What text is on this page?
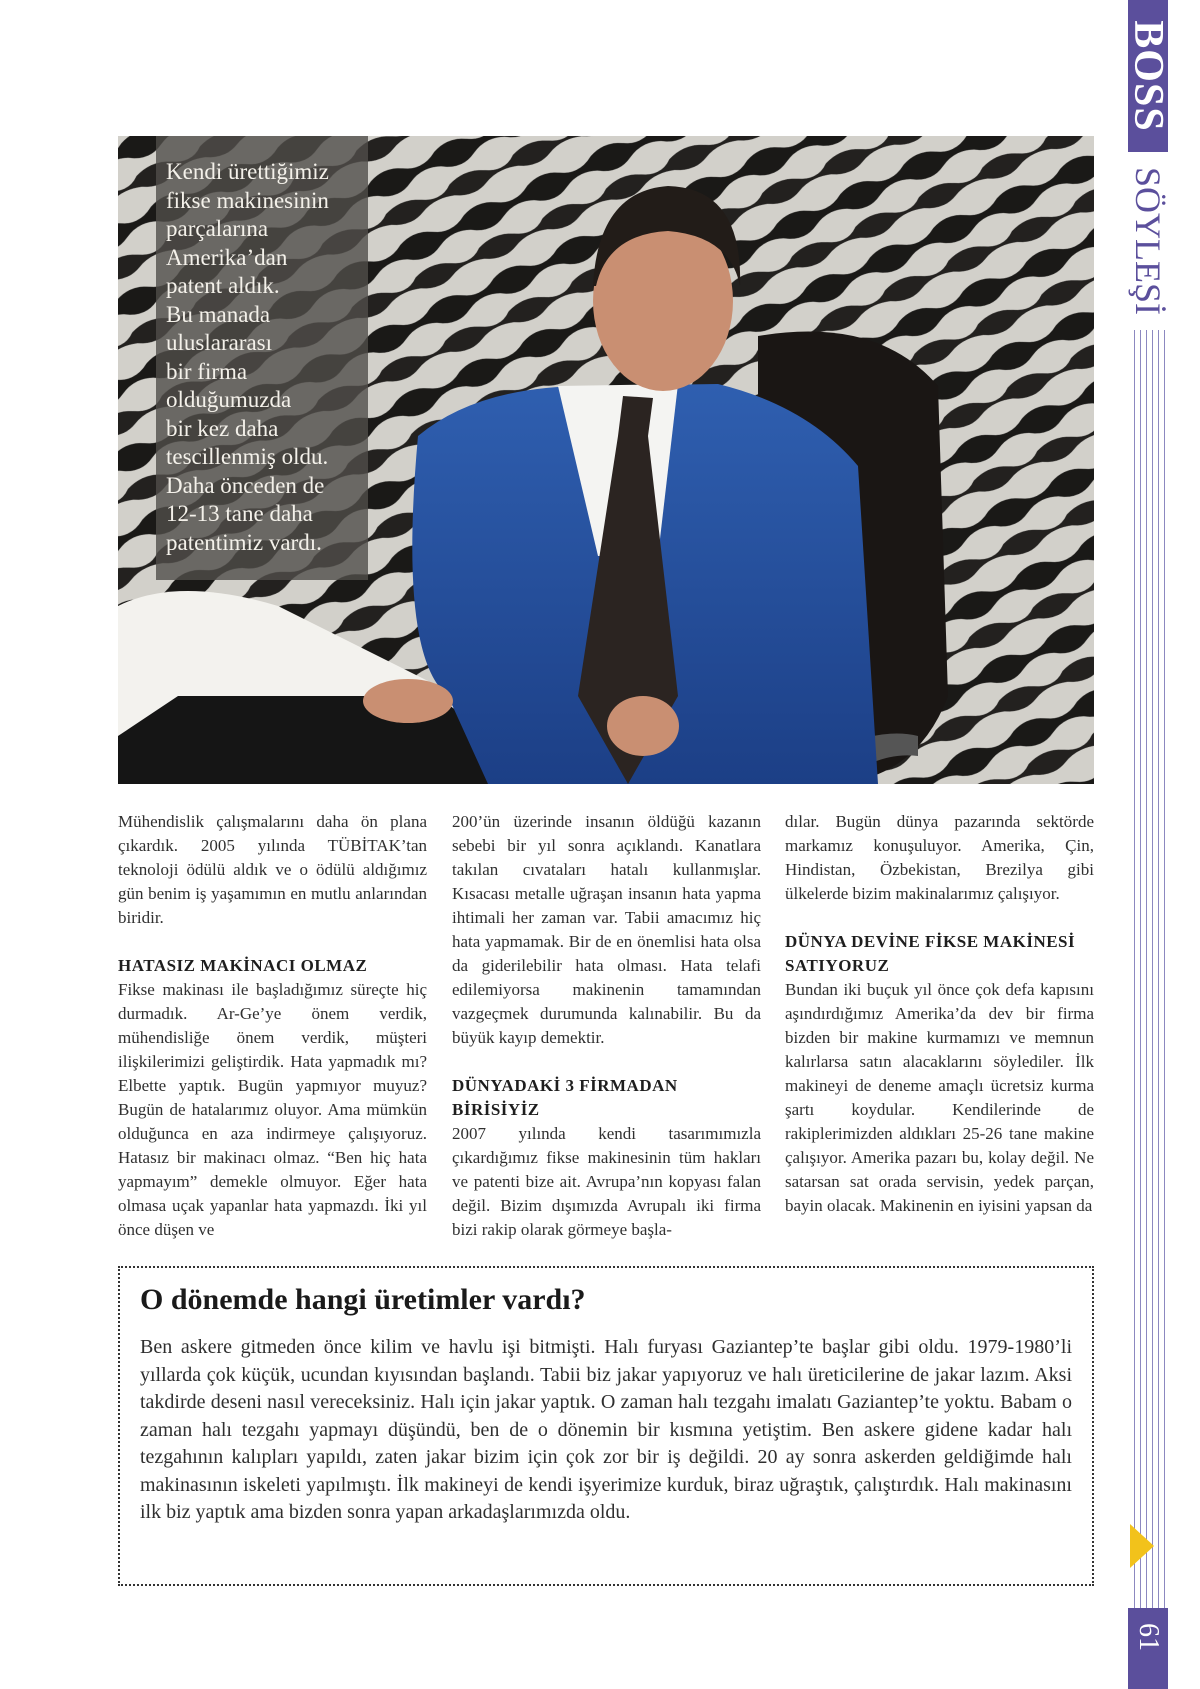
BOSS
SÖYLEŞİ
61

Kendi ürettiğimiz
fikse makinesinin
parçalarına
Amerika’dan
patent aldık.
Bu manada
uluslararası
bir firma
olduğumuzda
bir kez daha
tescillenmiş oldu.
Daha önceden de
12-13 tane daha
patentimiz vardı.

Mühendislik çalışmalarını daha ön plana çıkardık. 2005 yılında TÜBİTAK’tan teknoloji ödülü aldık ve o ödülü aldığımız gün benim iş yaşamımın en mutlu anlarından biridir.

HATASIZ MAKİNACI OLMAZ

Fikse makinası ile başladığımız süreçte hiç durmadık. Ar-Ge’ye önem verdik, mühendisliğe önem verdik, müşteri ilişkilerimizi geliştirdik. Hata yapmadık mı? Elbette yaptık. Bugün yapmıyor muyuz? Bugün de hatalarımız oluyor. Ama mümkün olduğunca en aza indirmeye çalışıyoruz. Hatasız bir makinacı olmaz. “Ben hiç hata yapmayım” demekle olmuyor. Eğer hata olmasa uçak yapanlar hata yapmazdı. İki yıl önce düşen ve

200’ün üzerinde insanın öldüğü kazanın sebebi bir yıl sonra açıklandı. Kanatlara takılan cıvataları hatalı kullanmışlar. Kısacası metalle uğraşan insanın hata yapma ihtimali her zaman var. Tabii amacımız hiç hata yapmamak. Bir de en önemlisi hata olsa da giderilebilir hata olması. Hata telafi edilemiyorsa makinenin tamamından vazgeçmek durumunda kalınabilir. Bu da büyük kayıp demektir.

DÜNYADAKİ 3 FİRMADAN BİRİSİYİZ

2007 yılında kendi tasarımımızla çıkardığımız fikse makinesinin tüm hakları ve patenti bize ait. Avrupa’nın kopyası falan değil. Bizim dışımızda Avrupalı iki firma bizi rakip olarak görmeye başla-

dılar. Bugün dünya pazarında sektörde markamız konuşuluyor. Amerika, Çin, Hindistan, Özbekistan, Brezilya gibi ülkelerde bizim makinalarımız çalışıyor.

DÜNYA DEVİNE FİKSE MAKİNESİ SATIYORUZ

Bundan iki buçuk yıl önce çok defa kapısını aşındırdığımız Amerika’da dev bir firma bizden bir makine kurmamızı ve memnun kalırlarsa satın alacaklarını söylediler. İlk makineyi de deneme amaçlı ücretsiz kurma şartı koydular. Kendilerinde de rakiplerimizden aldıkları 25-26 tane makine çalışıyor. Amerika pazarı bu, kolay değil. Ne satarsan sat orada servisin, yedek parçan, bayin olacak. Makinenin en iyisini yapsan da

O dönemde hangi üretimler vardı?

Ben askere gitmeden önce kilim ve havlu işi bitmişti. Halı furyası Gaziantep’te başlar gibi oldu. 1979-1980’li yıllarda çok küçük, ucundan kıyısından başlandı. Tabii biz jakar yapıyoruz ve halı üreticilerine de jakar lazım. Aksi takdirde deseni nasıl vereceksiniz. Halı için jakar yaptık. O zaman halı tezgahı imalatı Gaziantep’te yoktu. Babam o zaman halı tezgahı yapmayı düşündü, ben de o dönemin bir kısmına yetiştim. Ben askere gidene kadar halı tezgahının kalıpları yapıldı, zaten jakar bizim için çok zor bir iş değildi. 20 ay sonra askerden geldiğimde halı makinasının iskeleti yapılmıştı. İlk makineyi de kendi işyerimize kurduk, biraz uğraştık, çalıştırdık. Halı makinasını ilk biz yaptık ama bizden sonra yapan arkadaşlarımızda oldu.
